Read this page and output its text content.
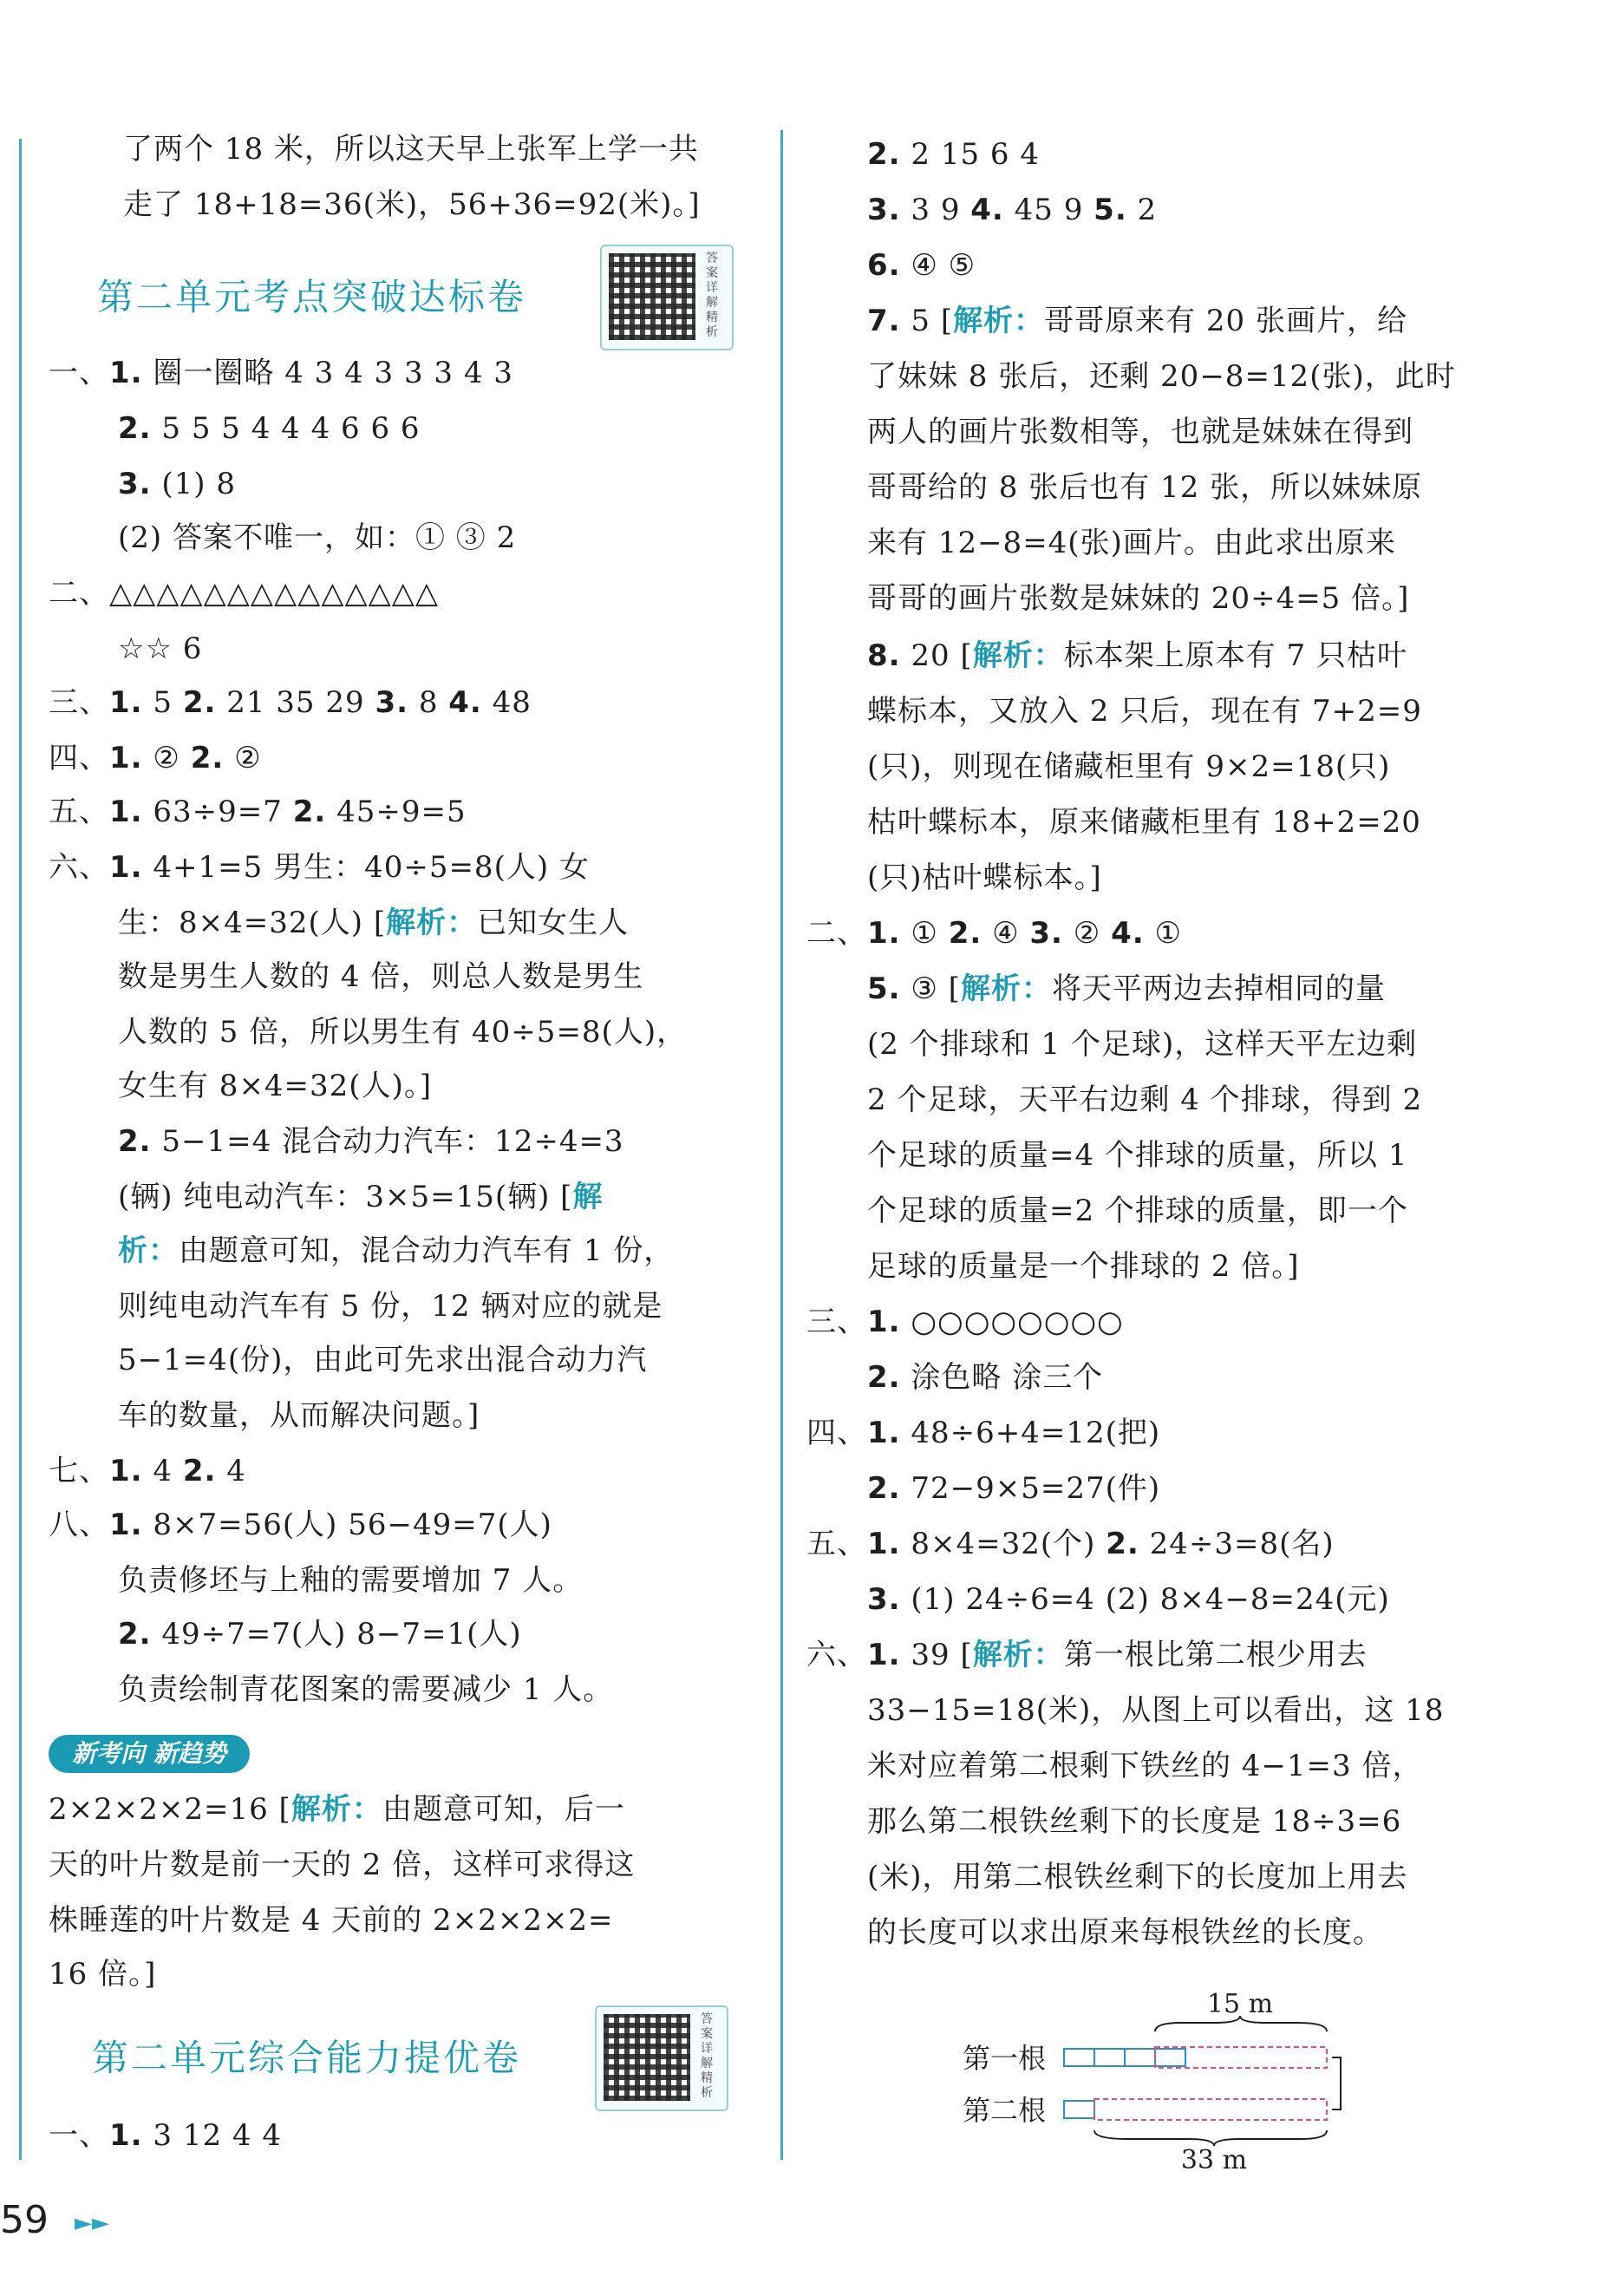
了两个 18 米，所以这天早上张军上学一共
走了 18+18=36(米)，56+36=92(米)。]
第二单元考点突破达标卷
答案详解精析
一、1. 圈一圈略 4 3 4 3 3 3 4 3
2. 5 5 5 4 4 4 6 6 6
3. (1) 8
(2) 答案不唯一，如：① ③ 2
二、△△△△△△△△△△△△△△
☆☆ 6
三、1. 5 2. 21 35 29 3. 8 4. 48
四、1. ② 2. ②
五、1. 63÷9=7 2. 45÷9=5
六、1. 4+1=5 男生：40÷5=8(人) 女
生：8×4=32(人) [解析：已知女生人
数是男生人数的 4 倍，则总人数是男生
人数的 5 倍，所以男生有 40÷5=8(人)，
女生有 8×4=32(人)。]
2. 5−1=4 混合动力汽车：12÷4=3
(辆) 纯电动汽车：3×5=15(辆) [解
析：由题意可知，混合动力汽车有 1 份，
则纯电动汽车有 5 份，12 辆对应的就是
5−1=4(份)，由此可先求出混合动力汽
车的数量，从而解决问题。]
七、1. 4 2. 4
八、1. 8×7=56(人) 56−49=7(人)
负责修坯与上釉的需要增加 7 人。
2. 49÷7=7(人) 8−7=1(人)
负责绘制青花图案的需要减少 1 人。
新考向 新趋势
2×2×2×2=16 [解析：由题意可知，后一
天的叶片数是前一天的 2 倍，这样可求得这
株睡莲的叶片数是 4 天前的 2×2×2×2=
16 倍。]
第二单元综合能力提优卷
答案详解精析
一、1. 3 12 4 4
2. 2 15 6 4
3. 3 9 4. 45 9 5. 2
6. ④ ⑤
7. 5 [解析：哥哥原来有 20 张画片，给
了妹妹 8 张后，还剩 20−8=12(张)，此时
两人的画片张数相等，也就是妹妹在得到
哥哥给的 8 张后也有 12 张，所以妹妹原
来有 12−8=4(张)画片。由此求出原来
哥哥的画片张数是妹妹的 20÷4=5 倍。]
8. 20 [解析：标本架上原本有 7 只枯叶
蝶标本，又放入 2 只后，现在有 7+2=9
(只)，则现在储藏柜里有 9×2=18(只)
枯叶蝶标本，原来储藏柜里有 18+2=20
(只)枯叶蝶标本。]
二、1. ① 2. ④ 3. ② 4. ①
5. ③ [解析：将天平两边去掉相同的量
(2 个排球和 1 个足球)，这样天平左边剩
2 个足球，天平右边剩 4 个排球，得到 2
个足球的质量=4 个排球的质量，所以 1
个足球的质量=2 个排球的质量，即一个
足球的质量是一个排球的 2 倍。]
三、1. ○○○○○○○○
2. 涂色略 涂三个
四、1. 48÷6+4=12(把)
2. 72−9×5=27(件)
五、1. 8×4=32(个) 2. 24÷3=8(名)
3. (1) 24÷6=4 (2) 8×4−8=24(元)
六、1. 39 [解析：第一根比第二根少用去
33−15=18(米)，从图上可以看出，这 18
米对应着第二根剩下铁丝的 4−1=3 倍，
那么第二根铁丝剩下的长度是 18÷3=6
(米)，用第二根铁丝剩下的长度加上用去
的长度可以求出原来每根铁丝的长度。
15 m
第一根
第二根
33 m
59 ►►
